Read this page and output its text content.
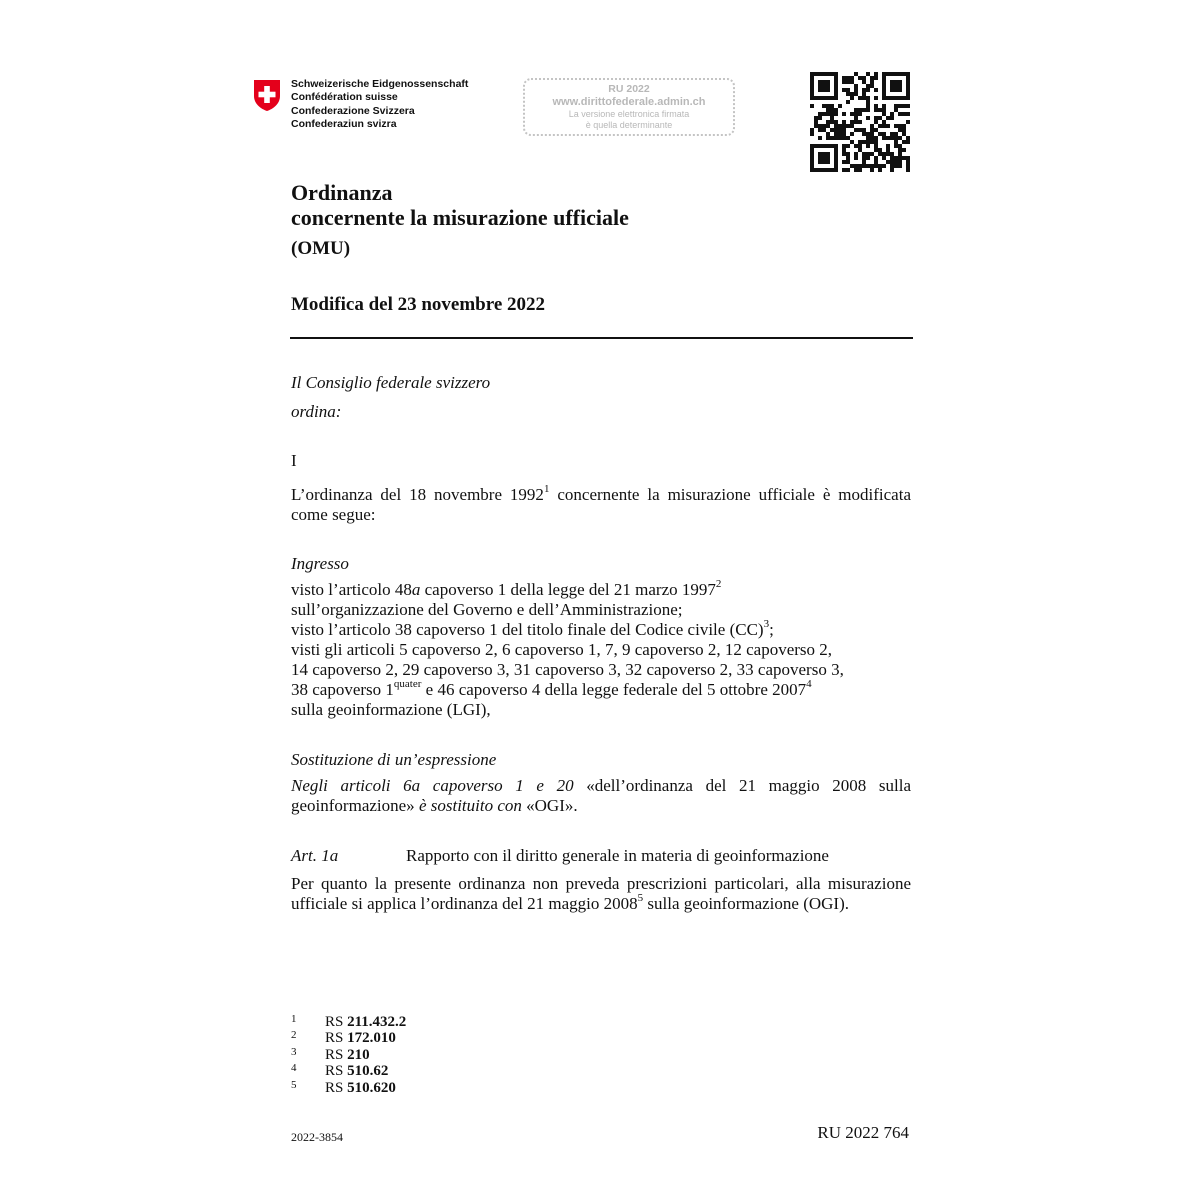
Schweizerische Eidgenossenschaft
Confédération suisse
Confederazione Svizzera
Confederaziun svizra
RU 2022
www.dirittofederale.admin.ch
La versione elettronica firmata
è quella determinante
Ordinanza
concernente la misurazione ufficiale
(OMU)
Modifica del 23 novembre 2022
Il Consiglio federale svizzero
ordina:
I
L’ordinanza del 18 novembre 1992$^1$ concernente la misurazione ufficiale è modificata come segue:
Ingresso
visto l’articolo 48a capoverso 1 della legge del 21 marzo 1997$^2$
sull’organizzazione del Governo e dell’Amministrazione;
visto l’articolo 38 capoverso 1 del titolo finale del Codice civile (CC)$^3$;
visti gli articoli 5 capoverso 2, 6 capoverso 1, 7, 9 capoverso 2, 12 capoverso 2,
14 capoverso 2, 29 capoverso 3, 31 capoverso 3, 32 capoverso 2, 33 capoverso 3,
38 capoverso $1^{quater}$ e 46 capoverso 4 della legge federale del 5 ottobre 2007$^4$
sulla geoinformazione (LGI),
Sostituzione di un’espressione
Negli articoli 6a capoverso 1 e 20 «dell’ordinanza del 21 maggio 2008 sulla geoinformazione» è sostituito con «OGI».
Art. 1a	Rapporto con il diritto generale in materia di geoinformazione
Per quanto la presente ordinanza non preveda prescrizioni particolari, alla misurazione ufficiale si applica l’ordinanza del 21 maggio 2008$^5$ sulla geoinformazione (OGI).
1 RS 211.432.2
2 RS 172.010
3 RS 210
4 RS 510.62
5 RS 510.620
2022-3854	RU 2022 764
